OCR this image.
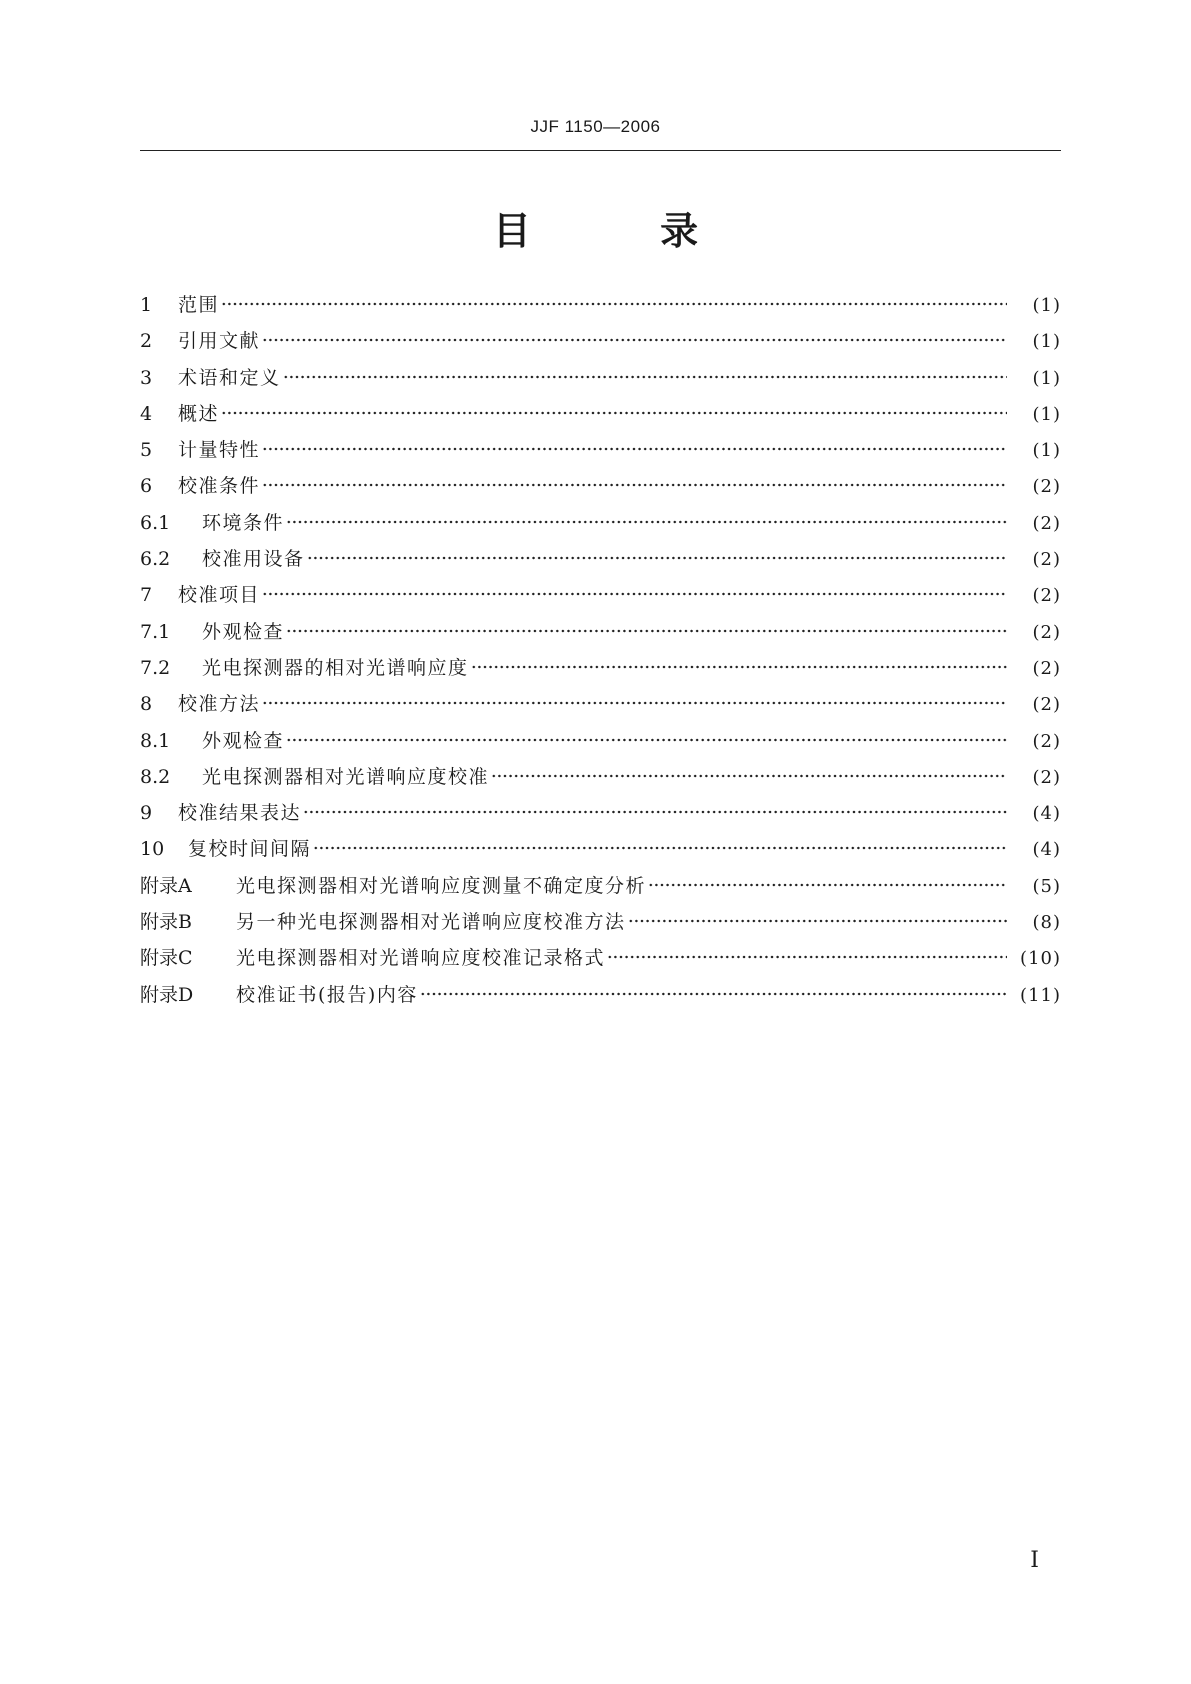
JJF 1150—2006
目 录
1	范围	(1)
2	引用文献	(1)
3	术语和定义	(1)
4	概述	(1)
5	计量特性	(1)
6	校准条件	(2)
6.1	环境条件	(2)
6.2	校准用设备	(2)
7	校准项目	(2)
7.1	外观检查	(2)
7.2	光电探测器的相对光谱响应度	(2)
8	校准方法	(2)
8.1	外观检查	(2)
8.2	光电探测器相对光谱响应度校准	(2)
9	校准结果表达	(4)
10	复校时间间隔	(4)
附录A	光电探测器相对光谱响应度测量不确定度分析	(5)
附录B	另一种光电探测器相对光谱响应度校准方法	(8)
附录C	光电探测器相对光谱响应度校准记录格式	(10)
附录D	校准证书(报告)内容	(11)
I
